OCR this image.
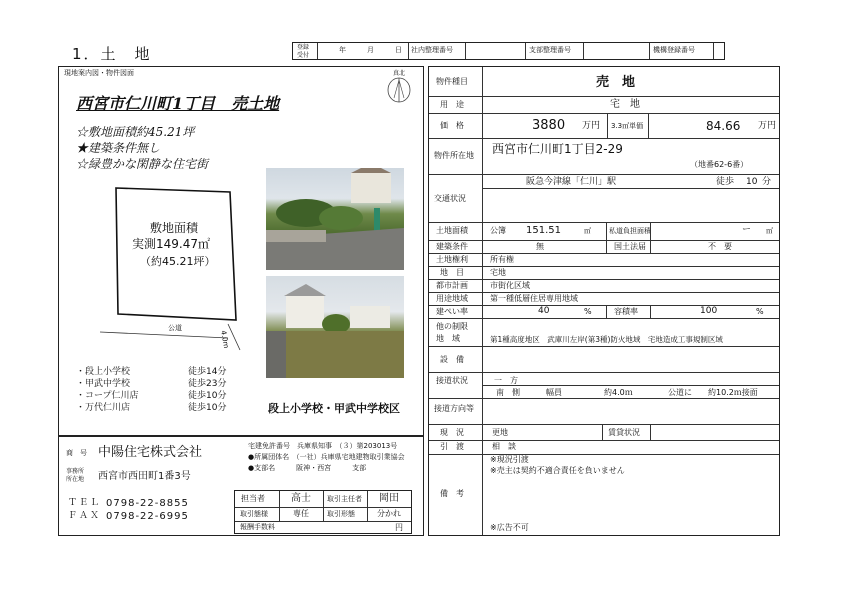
1．土　地	登録
受付
年	月	日 社内整理番号	支部整理番号	機構登録番号
現地案内図・物件図面	真北
西宮市仁川町1丁目　売土地
☆敷地面積約45.21坪
★建築条件無し
☆緑豊かな閑静な住宅街
敷地面積
実測149.47㎡
（約45.21坪）
公道
4.0m
・段上小学校	徒歩14分
・甲武中学校	徒歩23分
・コープ仁川店	徒歩10分
・万代仁川店	徒歩10分	段上小学校・甲武中学校区
商　号 中陽住宅株式会社
事務所
所在地 西宮市西田町1番3号
ＴＥＬ 0798-22-8855
ＦＡＸ 0798-22-6995
宅建免許番号　兵庫県知事　（３）第203013号
●所属団体名　（一社）兵庫県宅地建物取引業協会
●支部名　　　阪神・西宮　　　支部
担当者	高士 取引主任者 岡田
取引態様	専任	取引形態	分かれ
報酬手数料	円
物件種目	売　地
用　途	宅　地
価　格	3880 万円 3.3㎡単価	84.66 万円
物件所在地 西宮市仁川町1丁目2-29
（地番62-6番）
交通状況
阪急今津線「仁川」駅	徒歩 10 分
土地面積	公簿 151.51	㎡	私道負担面積	ー ㎡
建築条件	無	国土法届	不　要
土地権利	所有権
地　目	宅地
都市計画	市街化区域
用途地域	第一種低層住居専用地域
建ぺい率	40	%	容積率	100	%
他の制限
地　域	第1種高度地区　武庫川左岸(第3種)防火地域　宅地造成工事規制区域
設　備
接道状況	一　方
南　側	幅員	約4.0ｍ	公道に 約10.2ｍ接面
接道方向等
現　況	更地	賃貸状況
引　渡	相　談
備　考
※現況引渡
※売主は契約不適合責任を負いません
※広告不可
